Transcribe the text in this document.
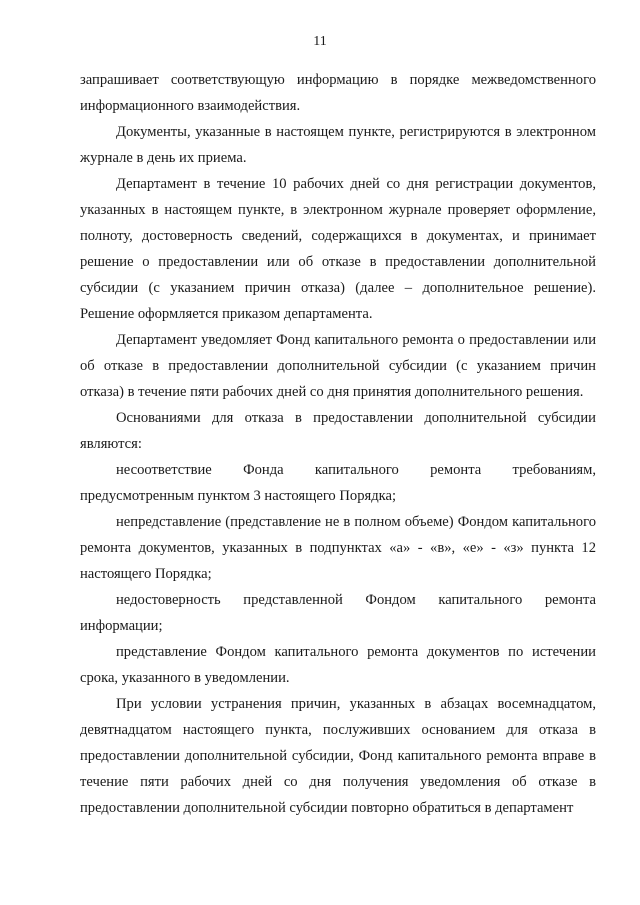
11

запрашивает соответствующую информацию в порядке межведомственного информационного взаимодействия.

Документы, указанные в настоящем пункте, регистрируются в электронном журнале в день их приема.

Департамент в течение 10 рабочих дней со дня регистрации документов, указанных в настоящем пункте, в электронном журнале проверяет оформление, полноту, достоверность сведений, содержащихся в документах, и принимает решение о предоставлении или об отказе в предоставлении дополнительной субсидии (с указанием причин отказа) (далее – дополнительное решение). Решение оформляется приказом департамента.

Департамент уведомляет Фонд капитального ремонта о предоставлении или об отказе в предоставлении дополнительной субсидии (с указанием причин отказа) в течение пяти рабочих дней со дня принятия дополнительного решения.

Основаниями для отказа в предоставлении дополнительной субсидии являются:

несоответствие Фонда капитального ремонта требованиям, предусмотренным пунктом 3 настоящего Порядка;

непредставление (представление не в полном объеме) Фондом капитального ремонта документов, указанных в подпунктах «а» - «в», «е» - «з» пункта 12 настоящего Порядка;

недостоверность представленной Фондом капитального ремонта информации;

представление Фондом капитального ремонта документов по истечении срока, указанного в уведомлении.

При условии устранения причин, указанных в абзацах восемнадцатом, девятнадцатом настоящего пункта, послуживших основанием для отказа в предоставлении дополнительной субсидии, Фонд капитального ремонта вправе в течение пяти рабочих дней со дня получения уведомления об отказе в предоставлении дополнительной субсидии повторно обратиться в департамент
